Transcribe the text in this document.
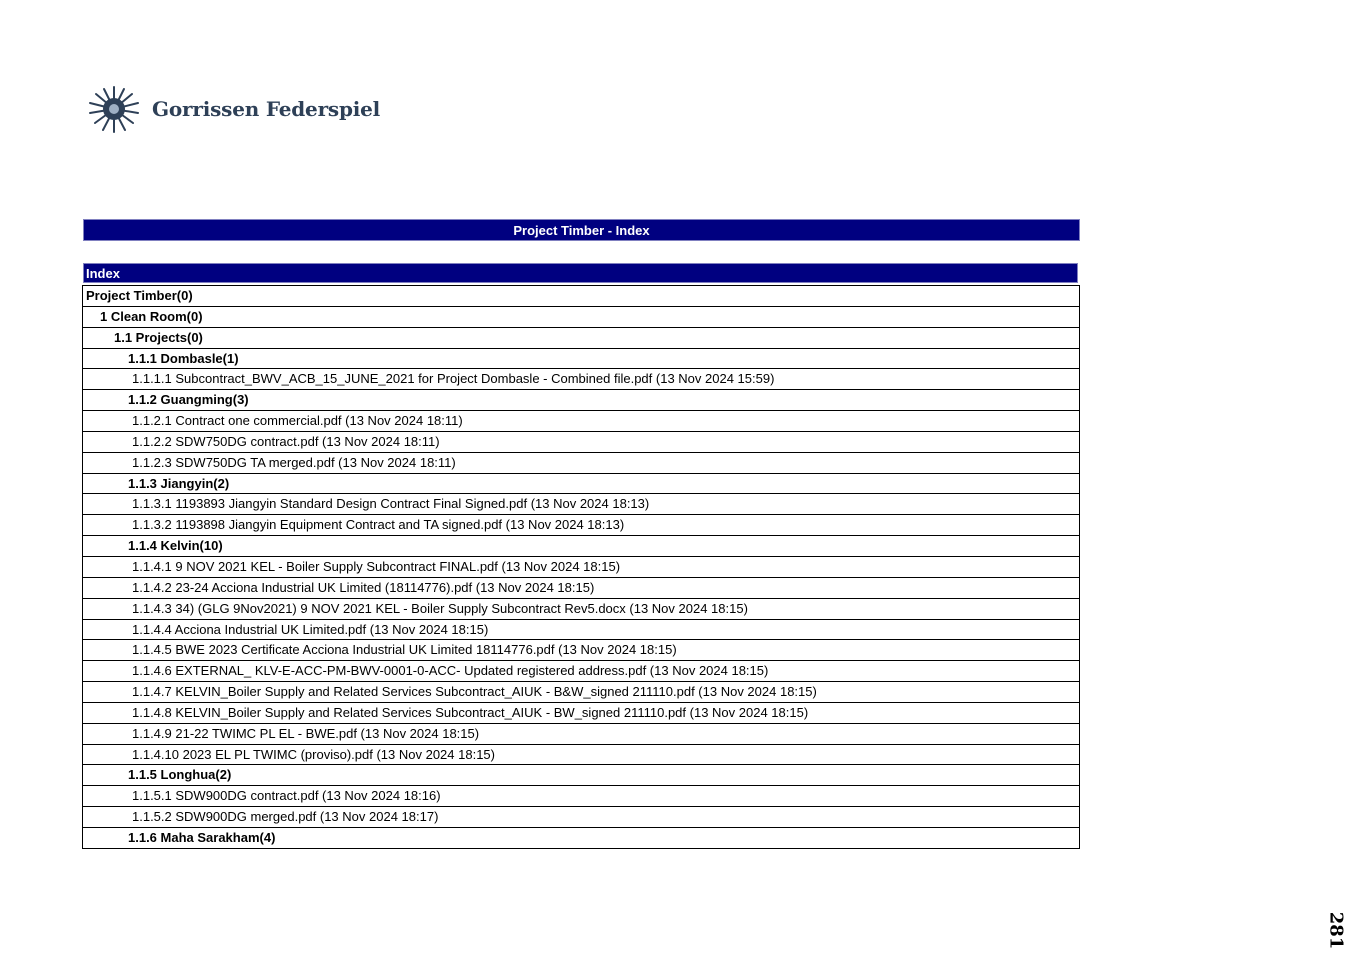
Gorrissen Federspiel
Project Timber - Index
Index
Project Timber(0)
1 Clean Room(0)
1.1 Projects(0)
1.1.1 Dombasle(1)
1.1.1.1 Subcontract_BWV_ACB_15_JUNE_2021 for Project Dombasle - Combined file.pdf (13 Nov 2024 15:59)
1.1.2 Guangming(3)
1.1.2.1 Contract one commercial.pdf (13 Nov 2024 18:11)
1.1.2.2 SDW750DG contract.pdf (13 Nov 2024 18:11)
1.1.2.3 SDW750DG TA merged.pdf (13 Nov 2024 18:11)
1.1.3 Jiangyin(2)
1.1.3.1 1193893 Jiangyin Standard Design Contract Final Signed.pdf (13 Nov 2024 18:13)
1.1.3.2 1193898 Jiangyin Equipment Contract and TA signed.pdf (13 Nov 2024 18:13)
1.1.4 Kelvin(10)
1.1.4.1 9 NOV 2021 KEL - Boiler Supply Subcontract FINAL.pdf (13 Nov 2024 18:15)
1.1.4.2 23-24 Acciona Industrial UK Limited (18114776).pdf (13 Nov 2024 18:15)
1.1.4.3 34) (GLG 9Nov2021) 9 NOV 2021 KEL - Boiler Supply Subcontract Rev5.docx (13 Nov 2024 18:15)
1.1.4.4 Acciona Industrial UK Limited.pdf (13 Nov 2024 18:15)
1.1.4.5 BWE 2023 Certificate Acciona Industrial UK Limited 18114776.pdf (13 Nov 2024 18:15)
1.1.4.6 EXTERNAL_ KLV-E-ACC-PM-BWV-0001-0-ACC- Updated registered address.pdf (13 Nov 2024 18:15)
1.1.4.7 KELVIN_Boiler Supply and Related Services Subcontract_AIUK - B&W_signed 211110.pdf (13 Nov 2024 18:15)
1.1.4.8 KELVIN_Boiler Supply and Related Services Subcontract_AIUK - BW_signed 211110.pdf (13 Nov 2024 18:15)
1.1.4.9 21-22 TWIMC PL EL - BWE.pdf (13 Nov 2024 18:15)
1.1.4.10 2023 EL PL TWIMC (proviso).pdf (13 Nov 2024 18:15)
1.1.5 Longhua(2)
1.1.5.1 SDW900DG contract.pdf (13 Nov 2024 18:16)
1.1.5.2 SDW900DG merged.pdf (13 Nov 2024 18:17)
1.1.6 Maha Sarakham(4)
281
